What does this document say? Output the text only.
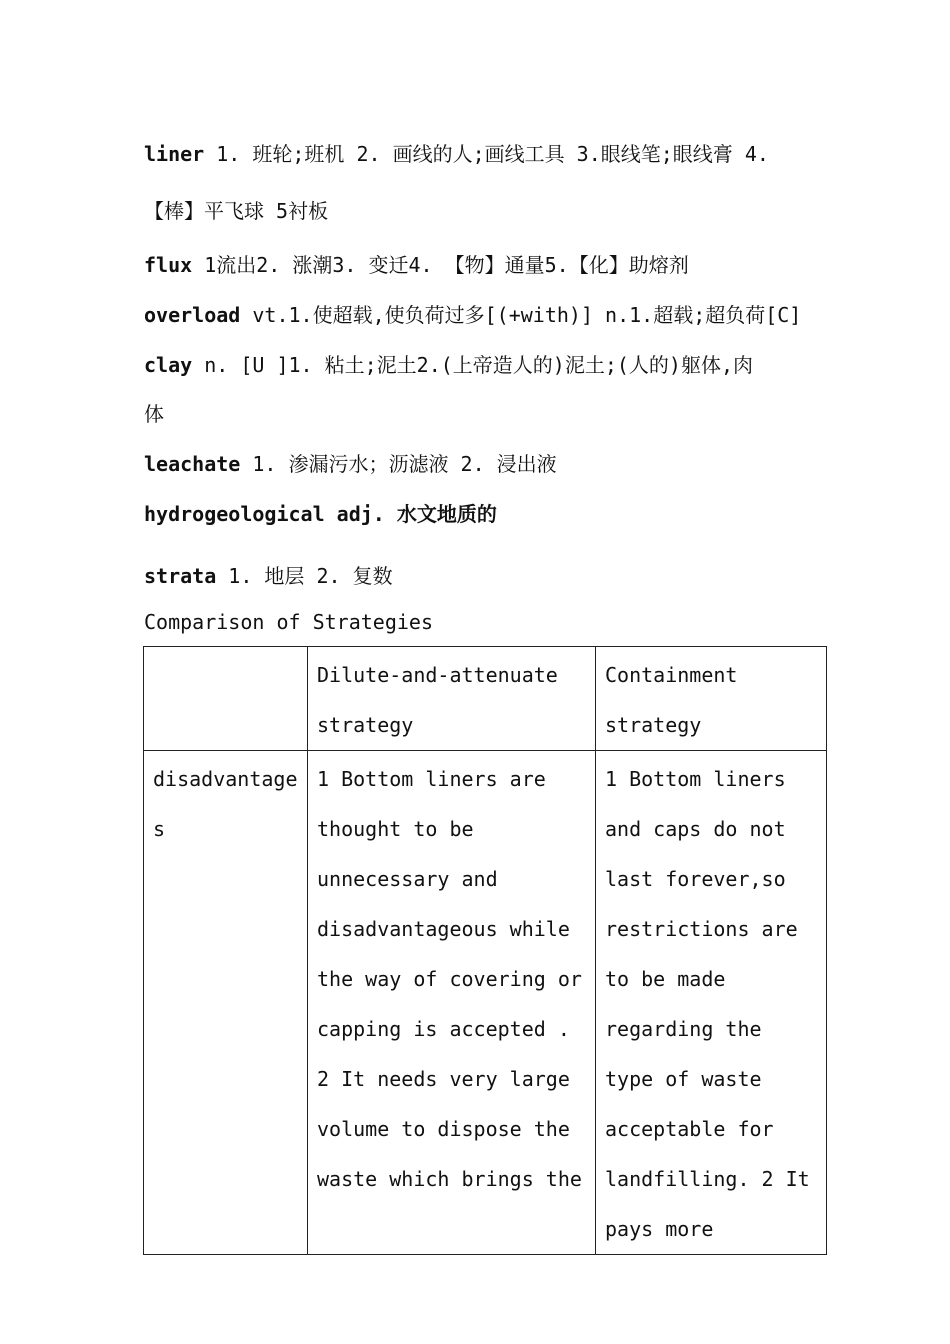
liner 1. 班轮;班机 2. 画线的人;画线工具 3.眼线笔;眼线膏 4.
【棒】平飞球 5衬板
flux 1流出2. 涨潮3. 变迁4. 【物】通量5.【化】助熔剂
overload vt.1.使超载,使负荷过多[(+with)] n.1.超载;超负荷[C]
clay n. [U ]1. 粘土;泥土2.(上帝造人的)泥土;(人的)躯体,肉
体
leachate 1. 渗漏污水；沥滤液 2. 浸出液
hydrogeological adj. 水文地质的
strata 1. 地层 2. 复数
Comparison of Strategies
	Dilute-and-attenuate strategy	Containment strategy
disadvantages	1 Bottom liners are thought to be unnecessary and disadvantageous while the way of covering or capping is accepted . 2 It needs very large volume to dispose the waste which brings the	1 Bottom liners and caps do not last forever,so restrictions are to be made regarding the type of waste acceptable for landfilling. 2 It pays more
